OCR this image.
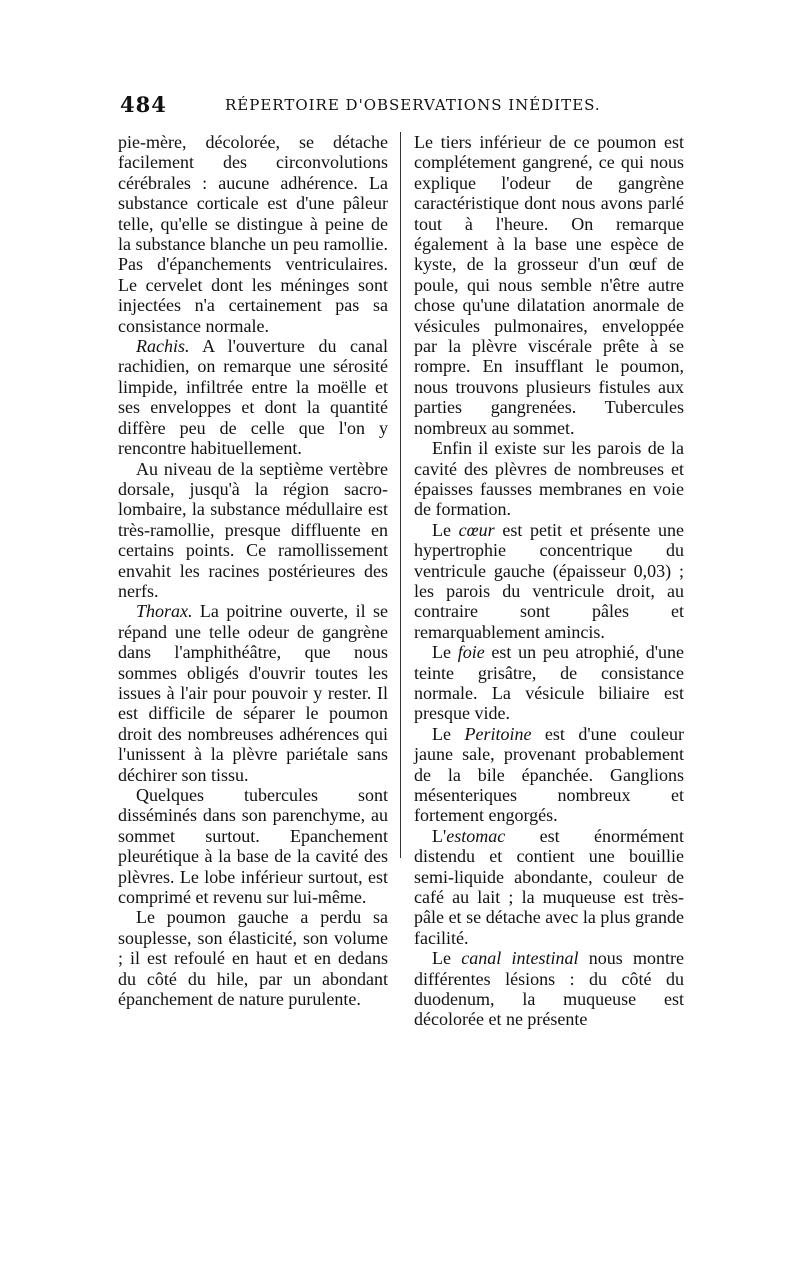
484	RÉPERTOIRE D'OBSERVATIONS INÉDITES.

pie-mère, décolorée, se détache facilement des circonvolutions cérébrales : aucune adhérence. La substance corticale est d'une pâleur telle, qu'elle se distingue à peine de la substance blanche un peu ramollie. Pas d'épanchements ventriculaires. Le cervelet dont les méninges sont injectées n'a certainement pas sa consistance normale.

Rachis. A l'ouverture du canal rachidien, on remarque une sérosité limpide, infiltrée entre la moëlle et ses enveloppes et dont la quantité diffère peu de celle que l'on y rencontre habituellement.

Au niveau de la septième vertèbre dorsale, jusqu'à la région sacro-lombaire, la substance médullaire est très-ramollie, presque diffluente en certains points. Ce ramollissement envahit les racines postérieures des nerfs.

Thorax. La poitrine ouverte, il se répand une telle odeur de gangrène dans l'amphithéâtre, que nous sommes obligés d'ouvrir toutes les issues à l'air pour pouvoir y rester. Il est difficile de séparer le poumon droit des nombreuses adhérences qui l'unissent à la plèvre pariétale sans déchirer son tissu.

Quelques tubercules sont disséminés dans son parenchyme, au sommet surtout. Epanchement pleurétique à la base de la cavité des plèvres. Le lobe inférieur surtout, est comprimé et revenu sur lui-même.

Le poumon gauche a perdu sa souplesse, son élasticité, son volume ; il est refoulé en haut et en dedans du côté du hile, par un abondant épanchement de nature purulente.

Le tiers inférieur de ce poumon est complétement gangrené, ce qui nous explique l'odeur de gangrène caractéristique dont nous avons parlé tout à l'heure. On remarque également à la base une espèce de kyste, de la grosseur d'un œuf de poule, qui nous semble n'être autre chose qu'une dilatation anormale de vésicules pulmonaires, enveloppée par la plèvre viscérale prête à se rompre. En insufflant le poumon, nous trouvons plusieurs fistules aux parties gangrenées. Tubercules nombreux au sommet.

Enfin il existe sur les parois de la cavité des plèvres de nombreuses et épaisses fausses membranes en voie de formation.

Le cœur est petit et présente une hypertrophie concentrique du ventricule gauche (épaisseur 0,03) ; les parois du ventricule droit, au contraire sont pâles et remarquablement amincis.

Le foie est un peu atrophié, d'une teinte grisâtre, de consistance normale. La vésicule biliaire est presque vide.

Le Peritoine est d'une couleur jaune sale, provenant probablement de la bile épanchée. Ganglions mésenteriques nombreux et fortement engorgés.

L'estomac est énormément distendu et contient une bouillie semi-liquide abondante, couleur de café au lait ; la muqueuse est très-pâle et se détache avec la plus grande facilité.

Le canal intestinal nous montre différentes lésions : du côté du duodenum, la muqueuse est décolorée et ne présente
